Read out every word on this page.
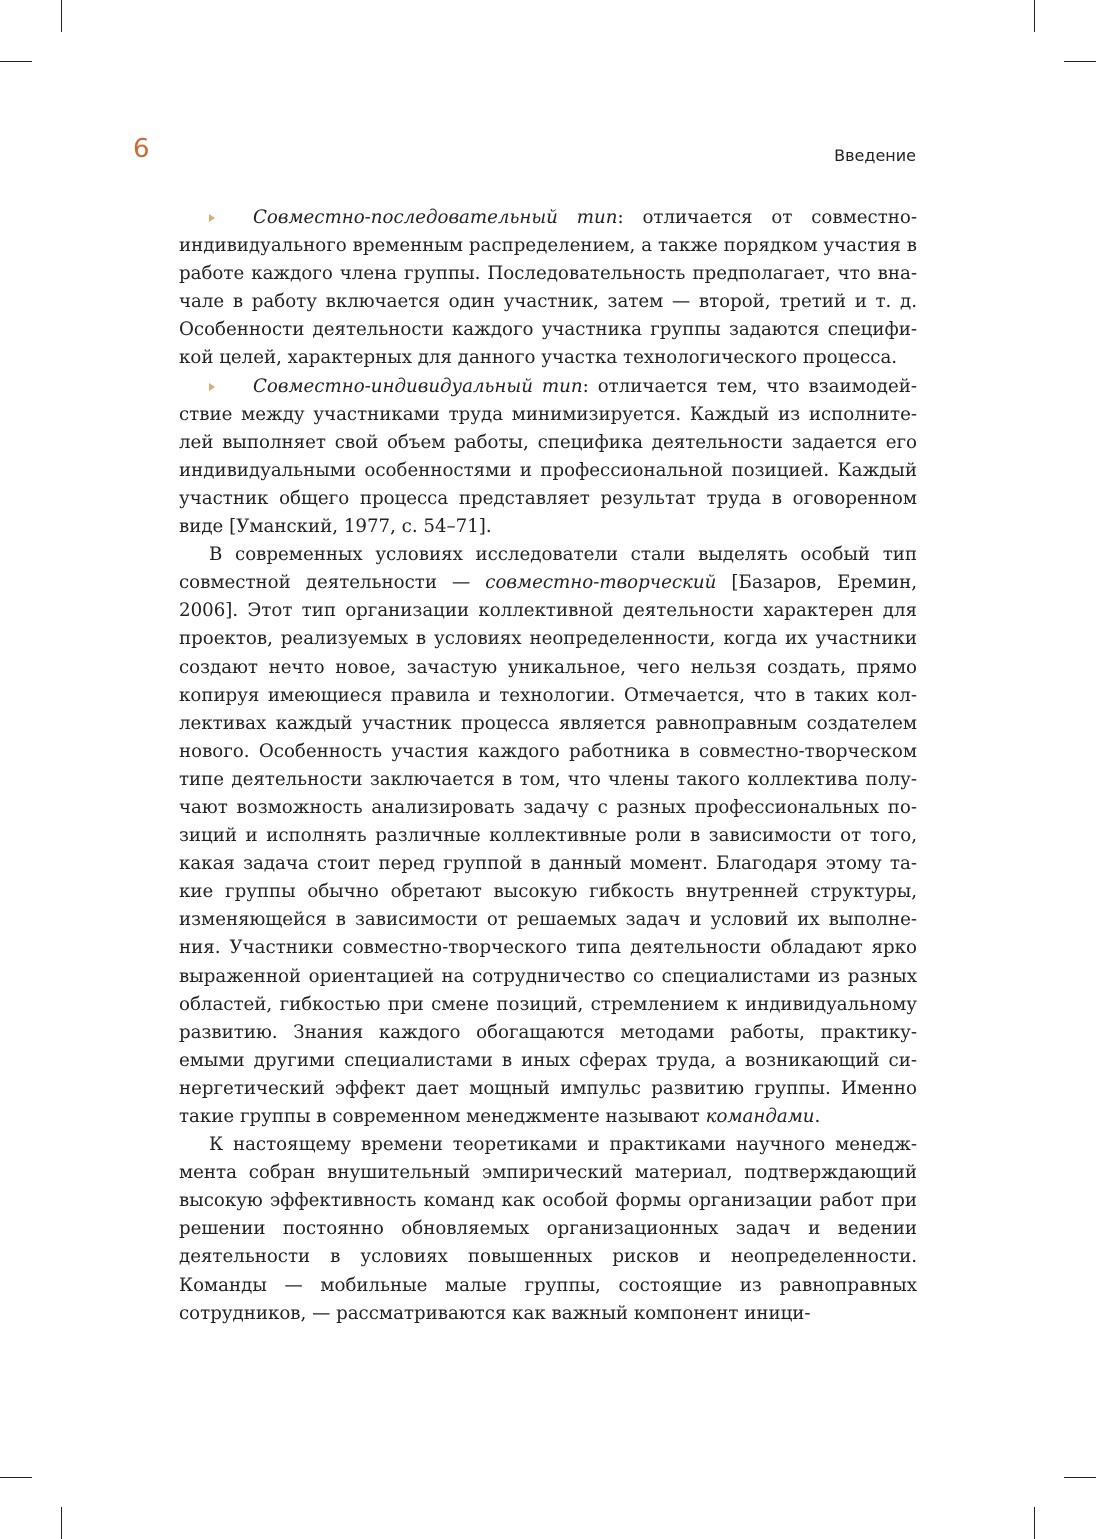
6	Введение

Совместно-последовательный тип: отличается от совместно-индивидуального временным распределением, а также порядком участия в работе каждого члена группы. Последовательность предполагает, что вначале в работу включается один участник, затем — второй, третий и т. д. Особенности деятельности каждого участника группы задаются спецификой целей, характерных для данного участка технологического процесса.

Совместно-индивидуальный тип: отличается тем, что взаимодействие между участниками труда минимизируется. Каждый из исполнителей выполняет свой объем работы, специфика деятельности задается его индивидуальными особенностями и профессиональной позицией. Каждый участник общего процесса представляет результат труда в оговоренном виде [Уманский, 1977, с. 54–71].

В современных условиях исследователи стали выделять особый тип совместной деятельности — совместно-творческий [Базаров, Еремин, 2006]. Этот тип организации коллективной деятельности характерен для проектов, реализуемых в условиях неопределенности, когда их участники создают нечто новое, зачастую уникальное, чего нельзя создать, прямо копируя имеющиеся правила и технологии. Отмечается, что в таких коллективах каждый участник процесса является равноправным создателем нового. Особенность участия каждого работника в совместно-творческом типе деятельности заключается в том, что члены такого коллектива получают возможность анализировать задачу с разных профессиональных позиций и исполнять различные коллективные роли в зависимости от того, какая задача стоит перед группой в данный момент. Благодаря этому такие группы обычно обретают высокую гибкость внутренней структуры, изменяющейся в зависимости от решаемых задач и условий их выполнения. Участники совместно-творческого типа деятельности обладают ярко выраженной ориентацией на сотрудничество со специалистами из разных областей, гибкостью при смене позиций, стремлением к индивидуальному развитию. Знания каждого обогащаются методами работы, практикуемыми другими специалистами в иных сферах труда, а возникающий синергетический эффект дает мощный импульс развитию группы. Именно такие группы в современном менеджменте называют командами.

К настоящему времени теоретиками и практиками научного менеджмента собран внушительный эмпирический материал, подтверждающий высокую эффективность команд как особой формы организации работ при решении постоянно обновляемых организационных задач и ведении деятельности в условиях повышенных рисков и неопределенности. Команды — мобильные малые группы, состоящие из равноправных сотрудников, — рассматриваются как важный компонент иници-
